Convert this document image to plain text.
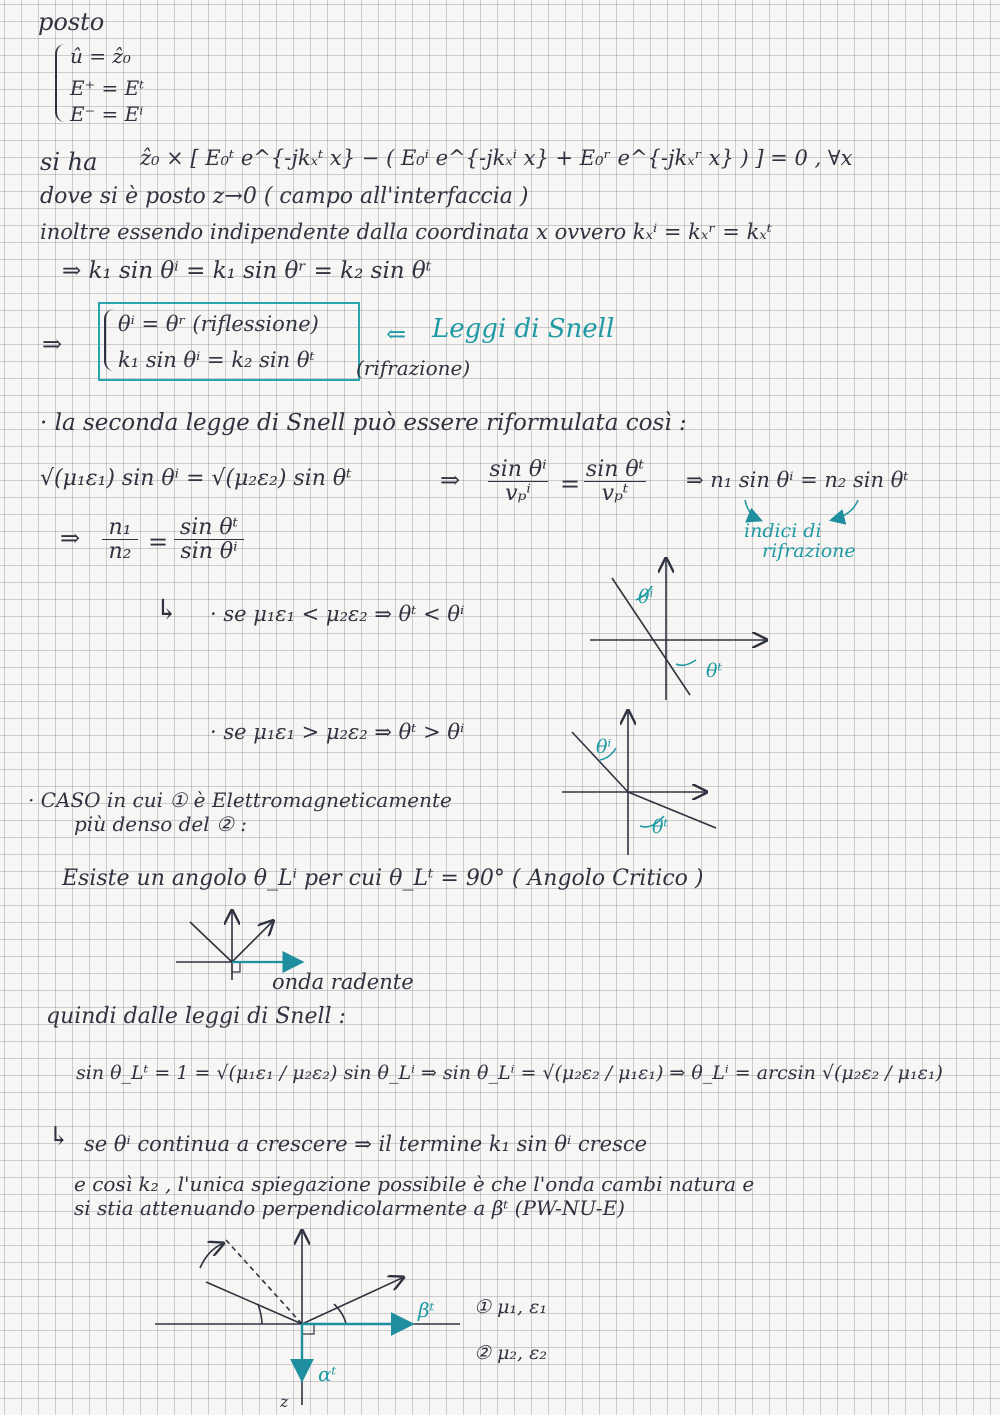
posto
û = ẑ₀
E⁺ = Eᵗ
E⁻ = Eⁱ
si ha ẑ₀ × [ E₀ᵗ e^{-jkₓᵗ x} − ( E₀ⁱ e^{-jkₓⁱ x} + E₀ʳ e^{-jkₓʳ x} ) ] = 0 , ∀x
dove si è posto z→0 ( campo all'interfaccia )
inoltre essendo indipendente dalla coordinata x ovvero kₓⁱ = kₓʳ = kₓᵗ
⇒ k₁ sin θⁱ = k₁ sin θʳ = k₂ sin θᵗ
⇒
θⁱ = θʳ (riflessione)
k₁ sin θⁱ = k₂ sin θᵗ (rifrazione)
⇐ Leggi di Snell
· la seconda legge di Snell può essere riformulata così :
√(μ₁ε₁) sin θⁱ = √(μ₂ε₂) sin θᵗ	⇒ sin θⁱ
vₚⁱ =
sin θᵗ
vₚᵗ
⇒ n₁ sin θⁱ = n₂ sin θᵗ
indici di
rifrazione
⇒ n₁
n₂ =
sin θᵗ
sin θⁱ
↳ · se μ₁ε₁ < μ₂ε₂ ⇒ θᵗ < θⁱ
· se μ₁ε₁ > μ₂ε₂ ⇒ θᵗ > θⁱ
θⁱ
θᵗ
θⁱ
θᵗ
· CASO in cui ① è Elettromagneticamente
più denso del ② :
Esiste un angolo θ_Lⁱ per cui θ_Lᵗ = 90° ( Angolo Critico )
onda radente
quindi dalle leggi di Snell :
sin θ_Lᵗ = 1 = √(μ₁ε₁ / μ₂ε₂) sin θ_Lⁱ ⇒ sin θ_Lⁱ = √(μ₂ε₂ / μ₁ε₁) ⇒ θ_Lⁱ = arcsin √(μ₂ε₂ / μ₁ε₁)
↳ se θⁱ continua a crescere ⇒ il termine k₁ sin θⁱ cresce
e così k₂ , l'unica spiegazione possibile è che l'onda cambi natura e
si stia attenuando perpendicolarmente a βᵗ (PW-NU-E)
βᵗ
αᵗ
z
① μ₁, ε₁
② μ₂, ε₂
